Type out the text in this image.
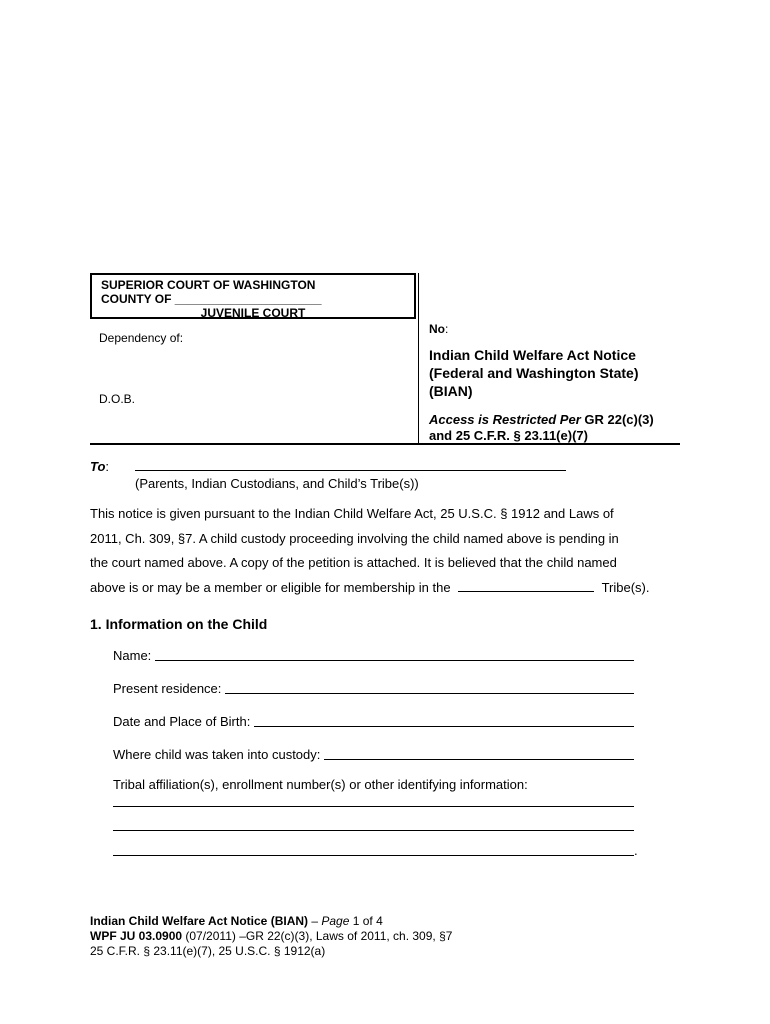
SUPERIOR COURT OF WASHINGTON
COUNTY OF ______________________
JUVENILE COURT
Dependency of:
D.O.B.
No:
Indian Child Welfare Act Notice
(Federal and Washington State)
(BIAN)
Access is Restricted Per GR 22(c)(3)
and 25 C.F.R. § 23.11(e)(7)
To:
(Parents, Indian Custodians, and Child’s Tribe(s))
This notice is given pursuant to the Indian Child Welfare Act, 25 U.S.C. § 1912 and Laws of
2011, Ch. 309, §7. A child custody proceeding involving the child named above is pending in
the court named above. A copy of the petition is attached. It is believed that the child named
above is or may be a member or eligible for membership in the	Tribe(s).
1. Information on the Child
Name:
Present residence:
Date and Place of Birth:
Where child was taken into custody:
Tribal affiliation(s), enrollment number(s) or other identifying information:
.
Indian Child Welfare Act Notice (BIAN) – Page 1 of 4
WPF JU 03.0900 (07/2011) –GR 22(c)(3), Laws of 2011, ch. 309, §7
25 C.F.R. § 23.11(e)(7), 25 U.S.C. § 1912(a)
